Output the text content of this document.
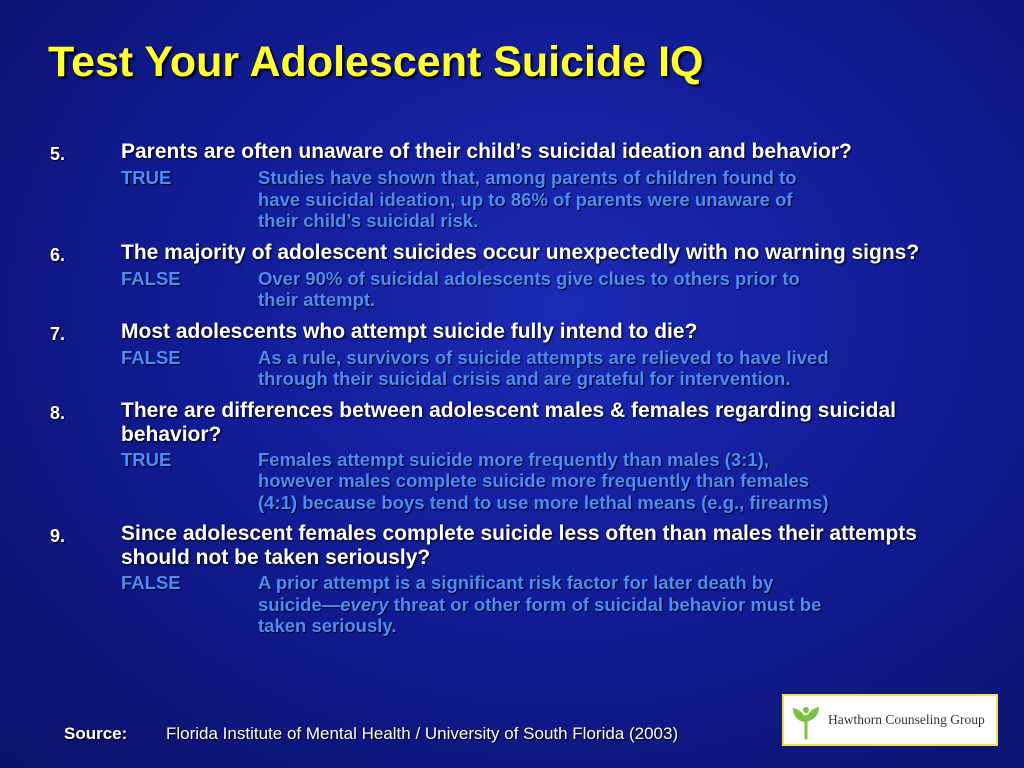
Test Your Adolescent Suicide IQ
5.	Parents are often unaware of their child’s suicidal ideation and behavior?
TRUE	Studies have shown that, among parents of children found to
have suicidal ideation, up to 86% of parents were unaware of
their child’s suicidal risk.
6.	The majority of adolescent suicides occur unexpectedly with no warning signs?
FALSE	Over 90% of suicidal adolescents give clues to others prior to
their attempt.
7.	Most adolescents who attempt suicide fully intend to die?
FALSE	As a rule, survivors of suicide attempts are relieved to have lived
through their suicidal crisis and are grateful for intervention.
8.	There are differences between adolescent males & females regarding suicidal behavior?
TRUE	Females attempt suicide more frequently than males (3:1),
however males complete suicide more frequently than females
(4:1) because boys tend to use more lethal means (e.g., firearms)
9.	Since adolescent females complete suicide less often than males their attempts should not be taken seriously?
FALSE	A prior attempt is a significant risk factor for later death by
suicide—every threat or other form of suicidal behavior must be
taken seriously.
Source:	Florida Institute of Mental Health / University of South Florida (2003)
Hawthorn Counseling Group
